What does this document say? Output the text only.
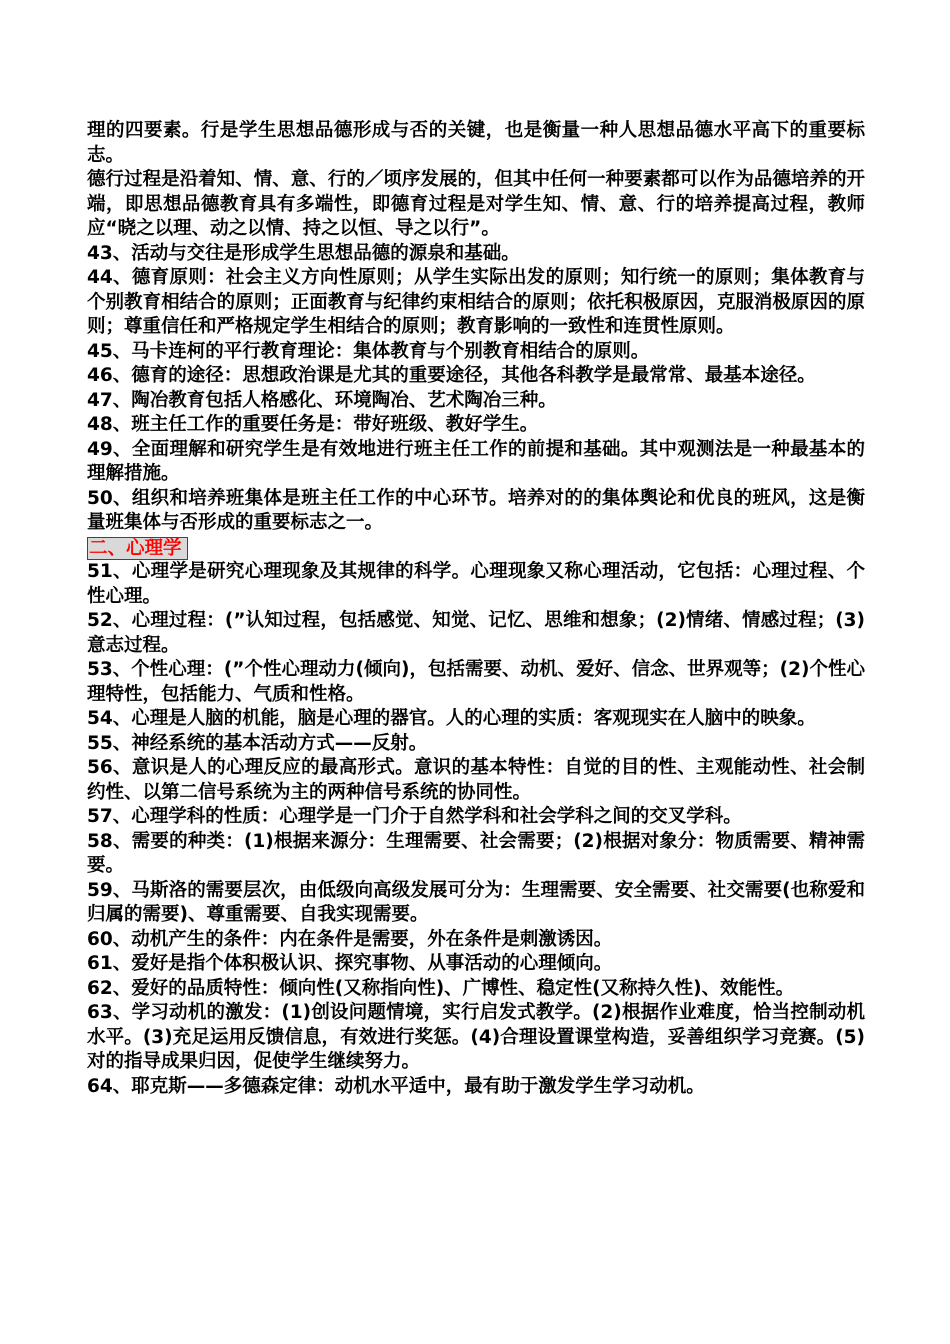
理的四要素。行是学生思想品德形成与否的关键，也是衡量一种人思想品德水平高下的重要标志。

德行过程是沿着知、情、意、行的／顷序发展的，但其中任何一种要素都可以作为品德培养的开端，即思想品德教育具有多端性，即德育过程是对学生知、情、意、行的培养提高过程，教师应“晓之以理、动之以情、持之以恒、导之以行”。

43、活动与交往是形成学生思想品德的源泉和基础。

44、德育原则：社会主义方向性原则；从学生实际出发的原则；知行统一的原则；集体教育与个别教育相结合的原则；正面教育与纪律约束相结合的原则；依托积极原因，克服消极原因的原则；尊重信任和严格规定学生相结合的原则；教育影响的一致性和连贯性原则。

45、马卡连柯的平行教育理论：集体教育与个别教育相结合的原则。

46、德育的途径：思想政治课是尤其的重要途径，其他各科教学是最常常、最基本途径。

47、陶冶教育包括人格感化、环境陶冶、艺术陶冶三种。

48、班主任工作的重要任务是：带好班级、教好学生。

49、全面理解和研究学生是有效地进行班主任工作的前提和基础。其中观测法是一种最基本的理解措施。

50、组织和培养班集体是班主任工作的中心环节。培养对的的集体舆论和优良的班风，这是衡量班集体与否形成的重要标志之一。

二、心理学

51、心理学是研究心理现象及其规律的科学。心理现象又称心理活动，它包括：心理过程、个性心理。

52、心理过程：(”认知过程，包括感觉、知觉、记忆、思维和想象；(2)情绪、情感过程；(3)意志过程。

53、个性心理：(”个性心理动力(倾向)，包括需要、动机、爱好、信念、世界观等；(2)个性心理特性，包括能力、气质和性格。

54、心理是人脑的机能，脑是心理的器官。人的心理的实质：客观现实在人脑中的映象。

55、神经系统的基本活动方式——反射。

56、意识是人的心理反应的最高形式。意识的基本特性：自觉的目的性、主观能动性、社会制约性、以第二信号系统为主的两种信号系统的协同性。

57、心理学科的性质：心理学是一门介于自然学科和社会学科之间的交叉学科。

58、需要的种类：(1)根据来源分：生理需要、社会需要；(2)根据对象分：物质需要、精神需要。

59、马斯洛的需要层次，由低级向高级发展可分为：生理需要、安全需要、社交需要(也称爱和归属的需要)、尊重需要、自我实现需要。

60、动机产生的条件：内在条件是需要，外在条件是刺激诱因。

61、爱好是指个体积极认识、探究事物、从事活动的心理倾向。

62、爱好的品质特性：倾向性(又称指向性)、广博性、稳定性(又称持久性)、效能性。

63、学习动机的激发：(1)创设问题情境，实行启发式教学。(2)根据作业难度，恰当控制动机水平。(3)充足运用反馈信息，有效进行奖惩。(4)合理设置课堂构造，妥善组织学习竞赛。(5)对的指导成果归因，促使学生继续努力。

64、耶克斯——多德森定律：动机水平适中，最有助于激发学生学习动机。
